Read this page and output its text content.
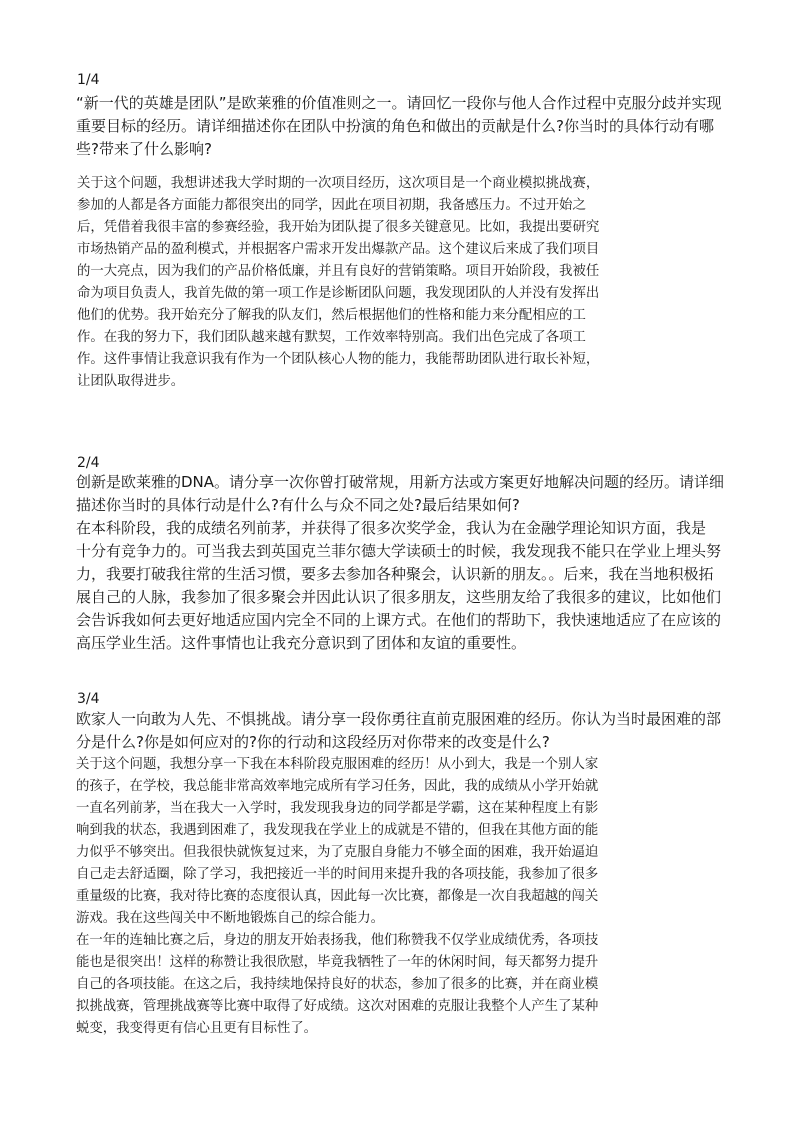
1/4
“新一代的英雄是团队”是欧莱雅的价值准则之一。请回忆一段你与他人合作过程中克服分歧并实现
重要目标的经历。请详细描述你在团队中扮演的角色和做出的贡献是什么?你当时的具体行动有哪
些?带来了什么影响?
关于这个问题，我想讲述我大学时期的一次项目经历，这次项目是一个商业模拟挑战赛，
参加的人都是各方面能力都很突出的同学，因此在项目初期，我备感压力。不过开始之
后，凭借着我很丰富的参赛经验，我开始为团队提了很多关键意见。比如，我提出要研究
市场热销产品的盈利模式，并根据客户需求开发出爆款产品。这个建议后来成了我们项目
的一大亮点，因为我们的产品价格低廉，并且有良好的营销策略。项目开始阶段，我被任
命为项目负责人，我首先做的第一项工作是诊断团队问题，我发现团队的人并没有发挥出
他们的优势。我开始充分了解我的队友们，然后根据他们的性格和能力来分配相应的工
作。在我的努力下，我们团队越来越有默契，工作效率特别高。我们出色完成了各项工
作。这件事情让我意识我有作为一个团队核心人物的能力，我能帮助团队进行取长补短，
让团队取得进步。
2/4
创新是欧莱雅的DNA。请分享一次你曾打破常规，用新方法或方案更好地解决问题的经历。请详细
描述你当时的具体行动是什么?有什么与众不同之处?最后结果如何?
在本科阶段，我的成绩名列前茅，并获得了很多次奖学金，我认为在金融学理论知识方面，我是
十分有竞争力的。可当我去到英国克兰菲尔德大学读硕士的时候，我发现我不能只在学业上埋头努
力，我要打破我往常的生活习惯，要多去参加各种聚会，认识新的朋友。。后来，我在当地积极拓
展自己的人脉，我参加了很多聚会并因此认识了很多朋友，这些朋友给了我很多的建议，比如他们
会告诉我如何去更好地适应国内完全不同的上课方式。在他们的帮助下，我快速地适应了在应该的
高压学业生活。这件事情也让我充分意识到了团体和友谊的重要性。
3/4
欧家人一向敢为人先、不惧挑战。请分享一段你勇往直前克服困难的经历。你认为当时最困难的部
分是什么?你是如何应对的?你的行动和这段经历对你带来的改变是什么?
关于这个问题，我想分享一下我在本科阶段克服困难的经历！从小到大，我是一个别人家
的孩子，在学校，我总能非常高效率地完成所有学习任务，因此，我的成绩从小学开始就
一直名列前茅，当在我大一入学时，我发现我身边的同学都是学霸，这在某种程度上有影
响到我的状态，我遇到困难了，我发现我在学业上的成就是不错的，但我在其他方面的能
力似乎不够突出。但我很快就恢复过来，为了克服自身能力不够全面的困难，我开始逼迫
自己走去舒适圈，除了学习，我把接近一半的时间用来提升我的各项技能，我参加了很多
重量级的比赛，我对待比赛的态度很认真，因此每一次比赛，都像是一次自我超越的闯关
游戏。我在这些闯关中不断地锻炼自己的综合能力。
在一年的连轴比赛之后，身边的朋友开始表扬我，他们称赞我不仅学业成绩优秀，各项技
能也是很突出！这样的称赞让我很欣慰，毕竟我牺牲了一年的休闲时间，每天都努力提升
自己的各项技能。在这之后，我持续地保持良好的状态，参加了很多的比赛，并在商业模
拟挑战赛，管理挑战赛等比赛中取得了好成绩。这次对困难的克服让我整个人产生了某种
蜕变，我变得更有信心且更有目标性了。
